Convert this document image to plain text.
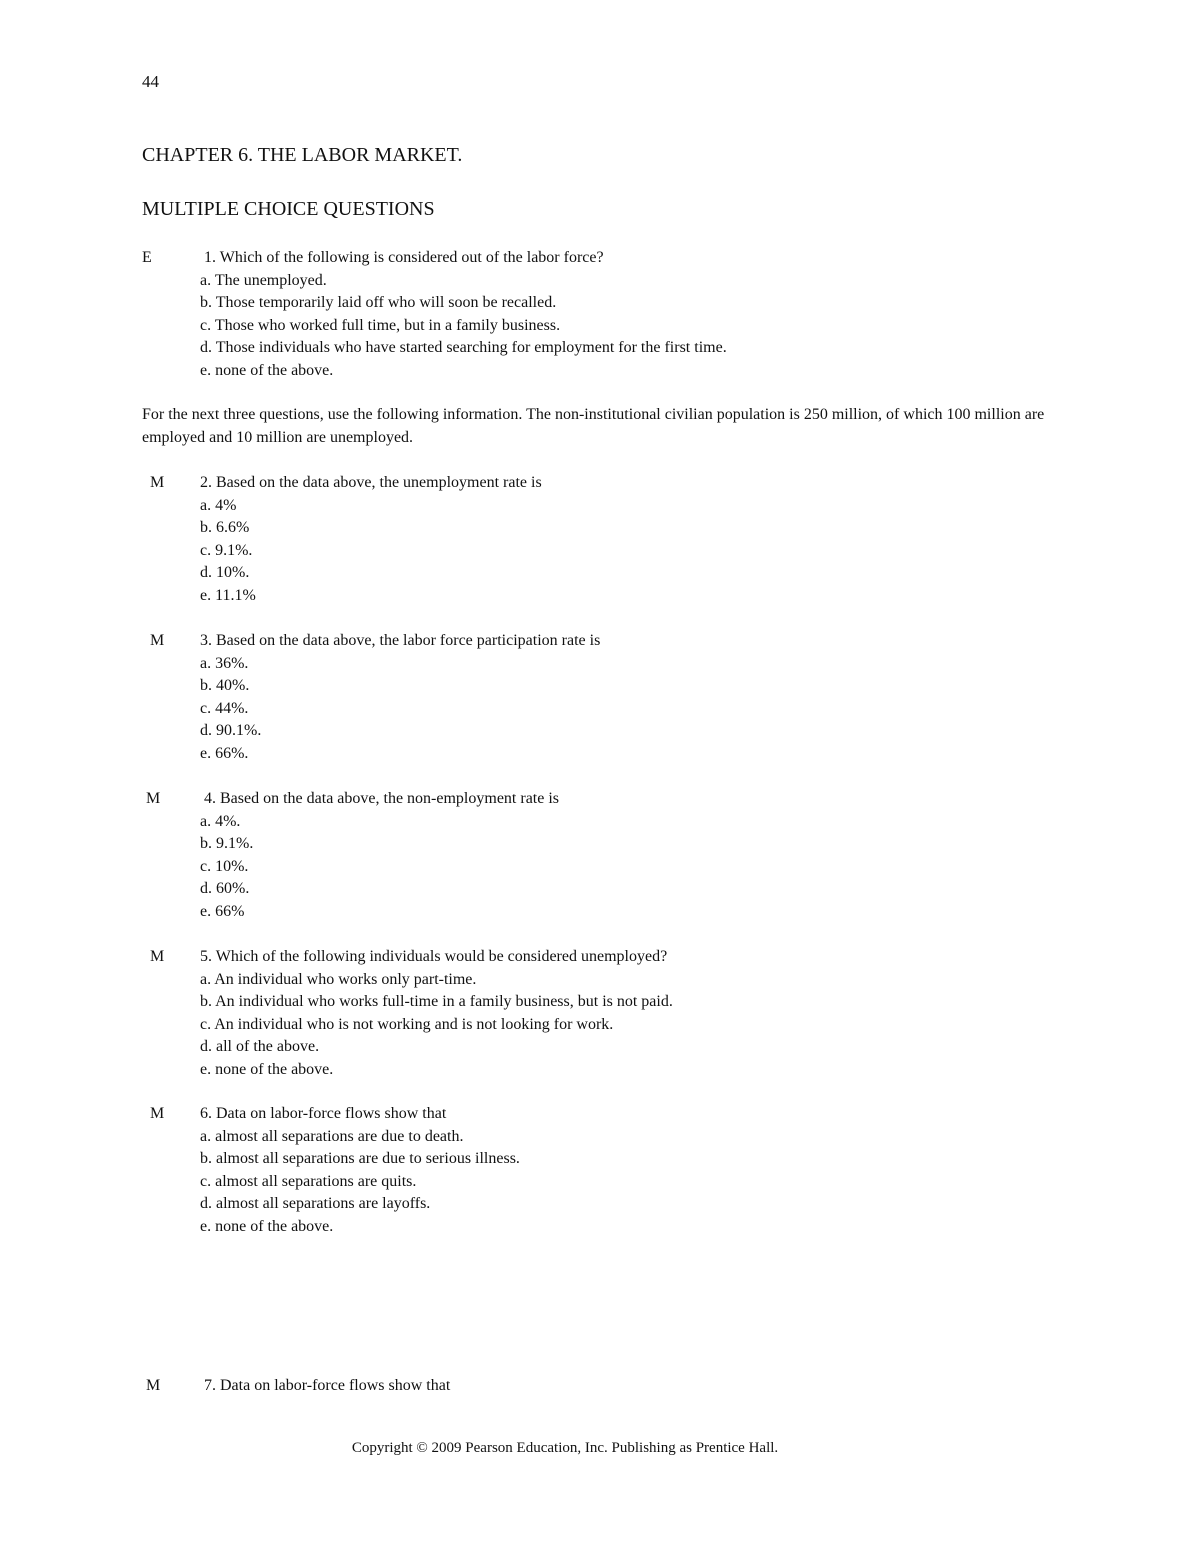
44
CHAPTER 6. THE LABOR MARKET.
MULTIPLE CHOICE QUESTIONS
E	1. Which of the following is considered out of the labor force?
a. The unemployed.
b. Those temporarily laid off who will soon be recalled.
c. Those who worked full time, but in a family business.
d. Those individuals who have started searching for employment for the first time.
e. none of the above.

For the next three questions, use the following information. The non-institutional civilian population is 250 million, of which 100 million are employed and 10 million are unemployed.

M 2. Based on the data above, the unemployment rate is
a. 4%
b. 6.6%
c. 9.1%.
d. 10%.
e. 11.1%
M 3. Based on the data above, the labor force participation rate is
a. 36%.
b. 40%.
c. 44%.
d. 90.1%.
e. 66%.
M	4. Based on the data above, the non-employment rate is
a. 4%.
b. 9.1%.
c. 10%.
d. 60%.
e. 66%
M 5. Which of the following individuals would be considered unemployed?
a. An individual who works only part-time.
b. An individual who works full-time in a family business, but is not paid.
c. An individual who is not working and is not looking for work.
d. all of the above.
e. none of the above.
M 6. Data on labor-force flows show that
a. almost all separations are due to death.
b. almost all separations are due to serious illness.
c. almost all separations are quits.
d. almost all separations are layoffs.
e. none of the above.
M	7. Data on labor-force flows show that
Copyright © 2009 Pearson Education, Inc. Publishing as Prentice Hall.
